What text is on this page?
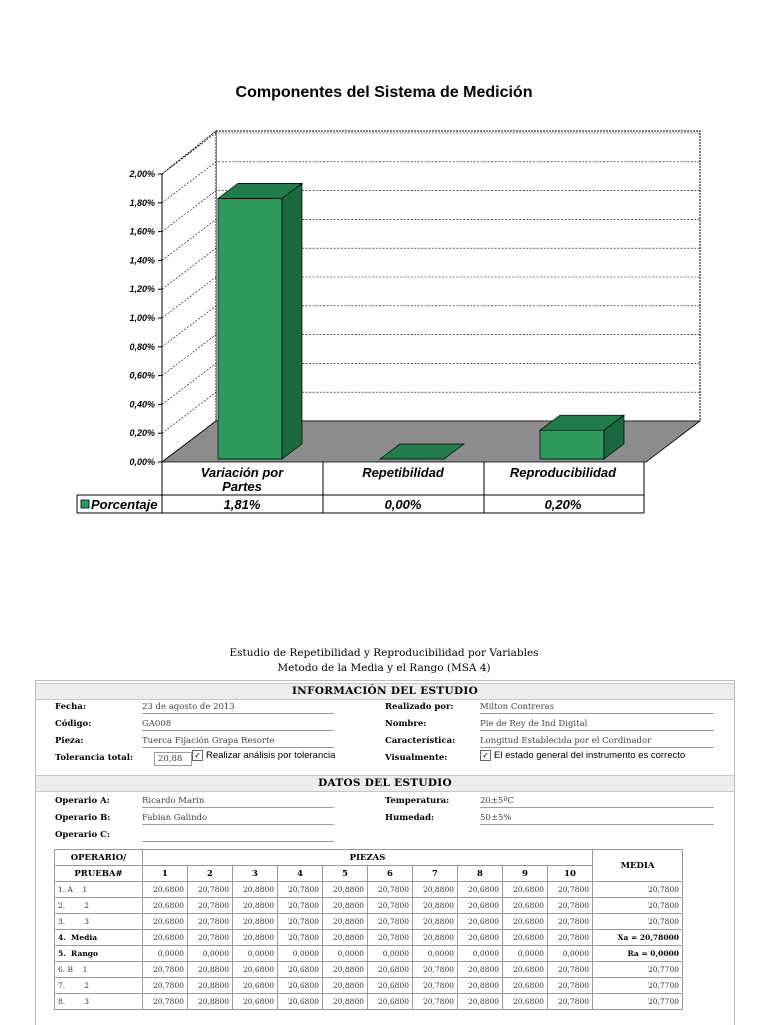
Componentes del Sistema de Medición
0,00%
0,20%
0,40%
0,60%
0,80%
1,00%
1,20%
1,40%
1,60%
1,80%
2,00%
Porcentaje
Variación por
Partes
Repetibilidad	Reproducibilidad
1,81%	0,00%	0,20%
Estudio de Repetibilidad y Reproducibilidad por Variables
Metodo de la Media y el Rango (MSA 4)
INFORMACIÓN DEL ESTUDIO
Fecha:	23 de agosto de 2013
Código:	GA008
Pieza:	Tuerca Fijación Grapa Resorte
Tolerancia total:	20,88	✓ Realizar análisis por tolerancia
Realizado por:	Milton Contreras
Nombre:	Pie de Rey de Ind Digital
Característica:	Longitud Establecida por el Cordinador
Visualmente:	✓ El estado general del instrumento es correcto
DATOS DEL ESTUDIO
Operario A:	Ricardo Marin
Operario B:	Fabian Galindo
Operario C:
Temperatura:	20±5ºC
Humedad:	50±5%
OPERARIO/	PIEZAS										MEDIA
PRUEBA#	1	2	3	4	5	6	7	8	9	10	
1. A    1	20,6800	20,7800	20,8800	20,7800	20,8800	20,7800	20,8800	20,6800	20,6800	20,7800	20,7800
2.        2	20,6800	20,7800	20,8800	20,7800	20,8800	20,7800	20,8800	20,6800	20,6800	20,7800	20,7800
3.        3	20,6800	20,7800	20,8800	20,7800	20,8800	20,7800	20,8800	20,6800	20,6800	20,7800	20,7800
4.  Media	20,6800	20,7800	20,8800	20,7800	20,8800	20,7800	20,8800	20,6800	20,6800	20,7800	Xa = 20,78000
5.  Rango	0,0000	0,0000	0,0000	0,0000	0,0000	0,0000	0,0000	0,0000	0,0000	0,0000	Ra = 0,0000
6. B    1	20,7800	20,8800	20,6800	20,6800	20,8800	20,6800	20,7800	20,8800	20,6800	20,7800	20,7700
7.        2	20,7800	20,8800	20,6800	20,6800	20,8800	20,6800	20,7800	20,8800	20,6800	20,7800	20,7700
8.        3	20,7800	20,8800	20,6800	20,6800	20,8800	20,6800	20,7800	20,8800	20,6800	20,7800	20,7700
